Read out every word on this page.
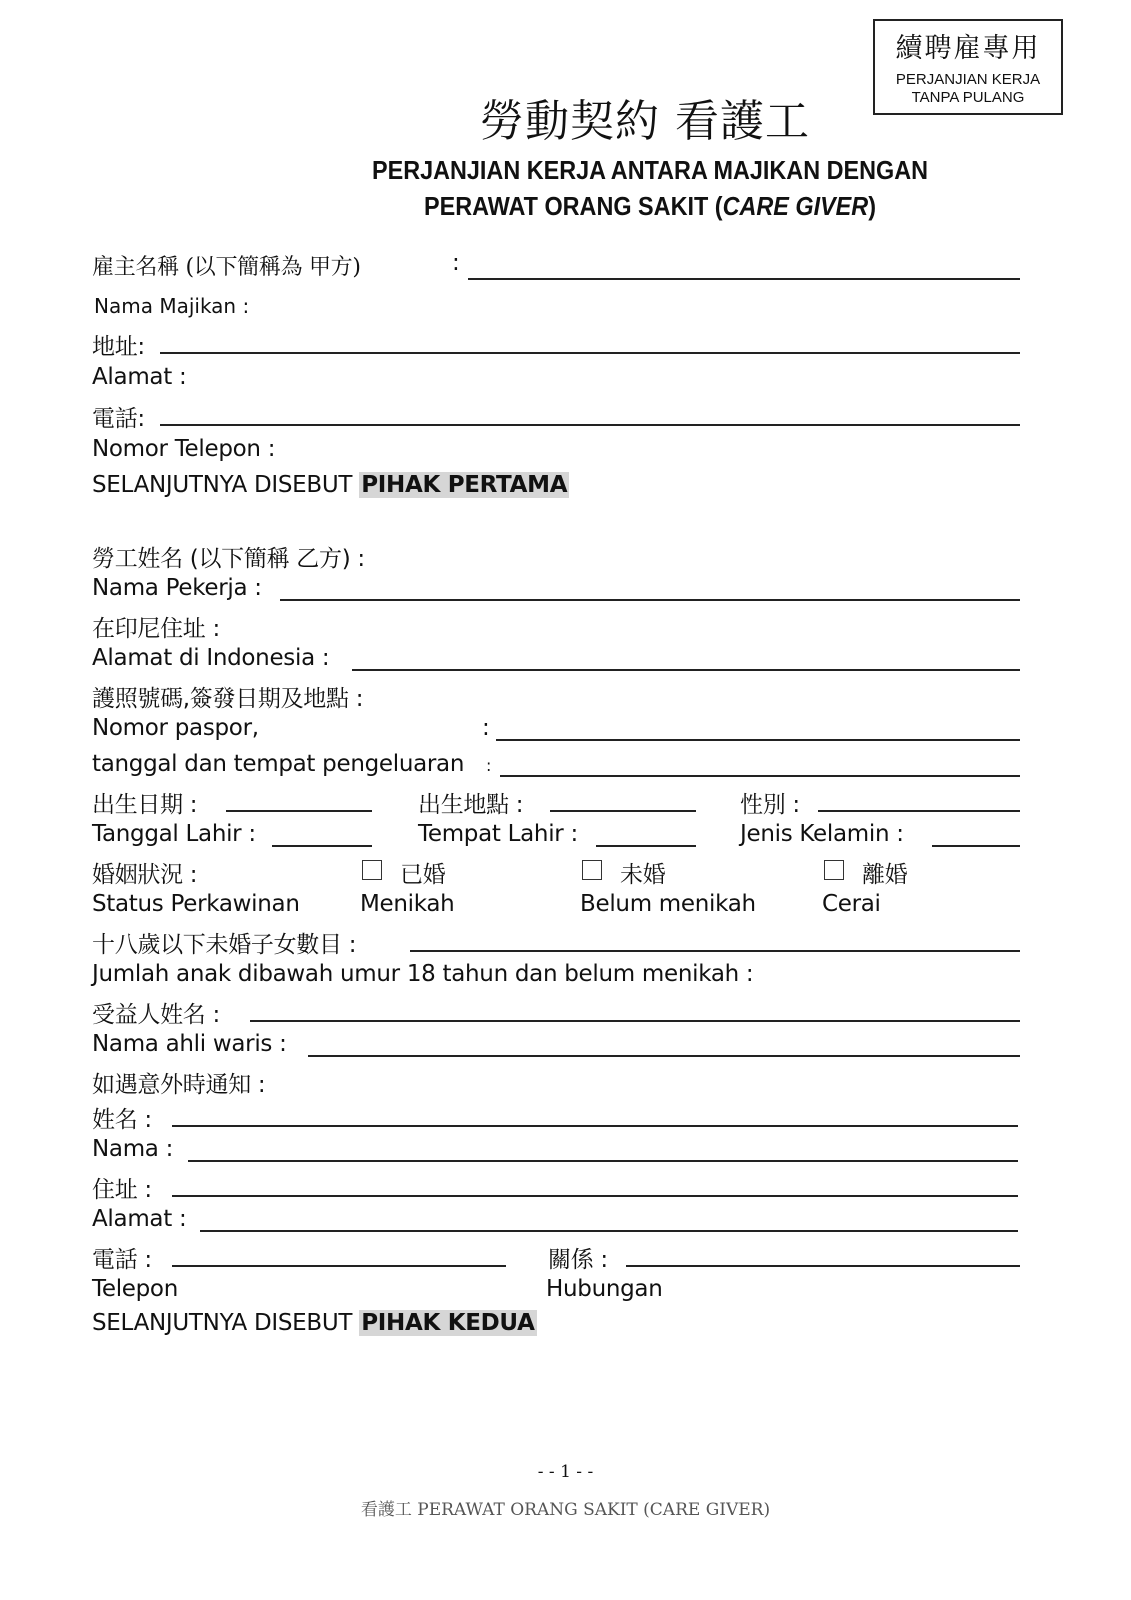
續聘雇專用
PERJANJIAN KERJA
TANPA PULANG
勞動契約 看護工
PERJANJIAN KERJA ANTARA MAJIKAN DENGAN
PERAWAT ORANG SAKIT (CARE GIVER)
雇主名稱 (以下簡稱為 甲方)	:
Nama Majikan :
地址:
Alamat :
電話:
Nomor Telepon :
SELANJUTNYA DISEBUT PIHAK PERTAMA
勞工姓名 (以下簡稱 乙方) :
Nama Pekerja :
在印尼住址 :
Alamat di Indonesia :
護照號碼,簽發日期及地點 :
Nomor paspor,	:
tanggal dan tempat pengeluaran :
出生日期 :	出生地點 :	性別 :
Tanggal Lahir :	Tempat Lahir :	Jenis Kelamin :
婚姻狀況 :	已婚	未婚	離婚
Status Perkawinan	Menikah	Belum menikah	Cerai
十八歲以下未婚子女數目 :
Jumlah anak dibawah umur 18 tahun dan belum menikah :
受益人姓名 :
Nama ahli waris :
如遇意外時通知 :
姓名 :
Nama :
住址 :
Alamat :
電話 :	關係 :
Telepon	Hubungan
SELANJUTNYA DISEBUT PIHAK KEDUA
- - 1 - -
看護工 PERAWAT ORANG SAKIT (CARE GIVER)
